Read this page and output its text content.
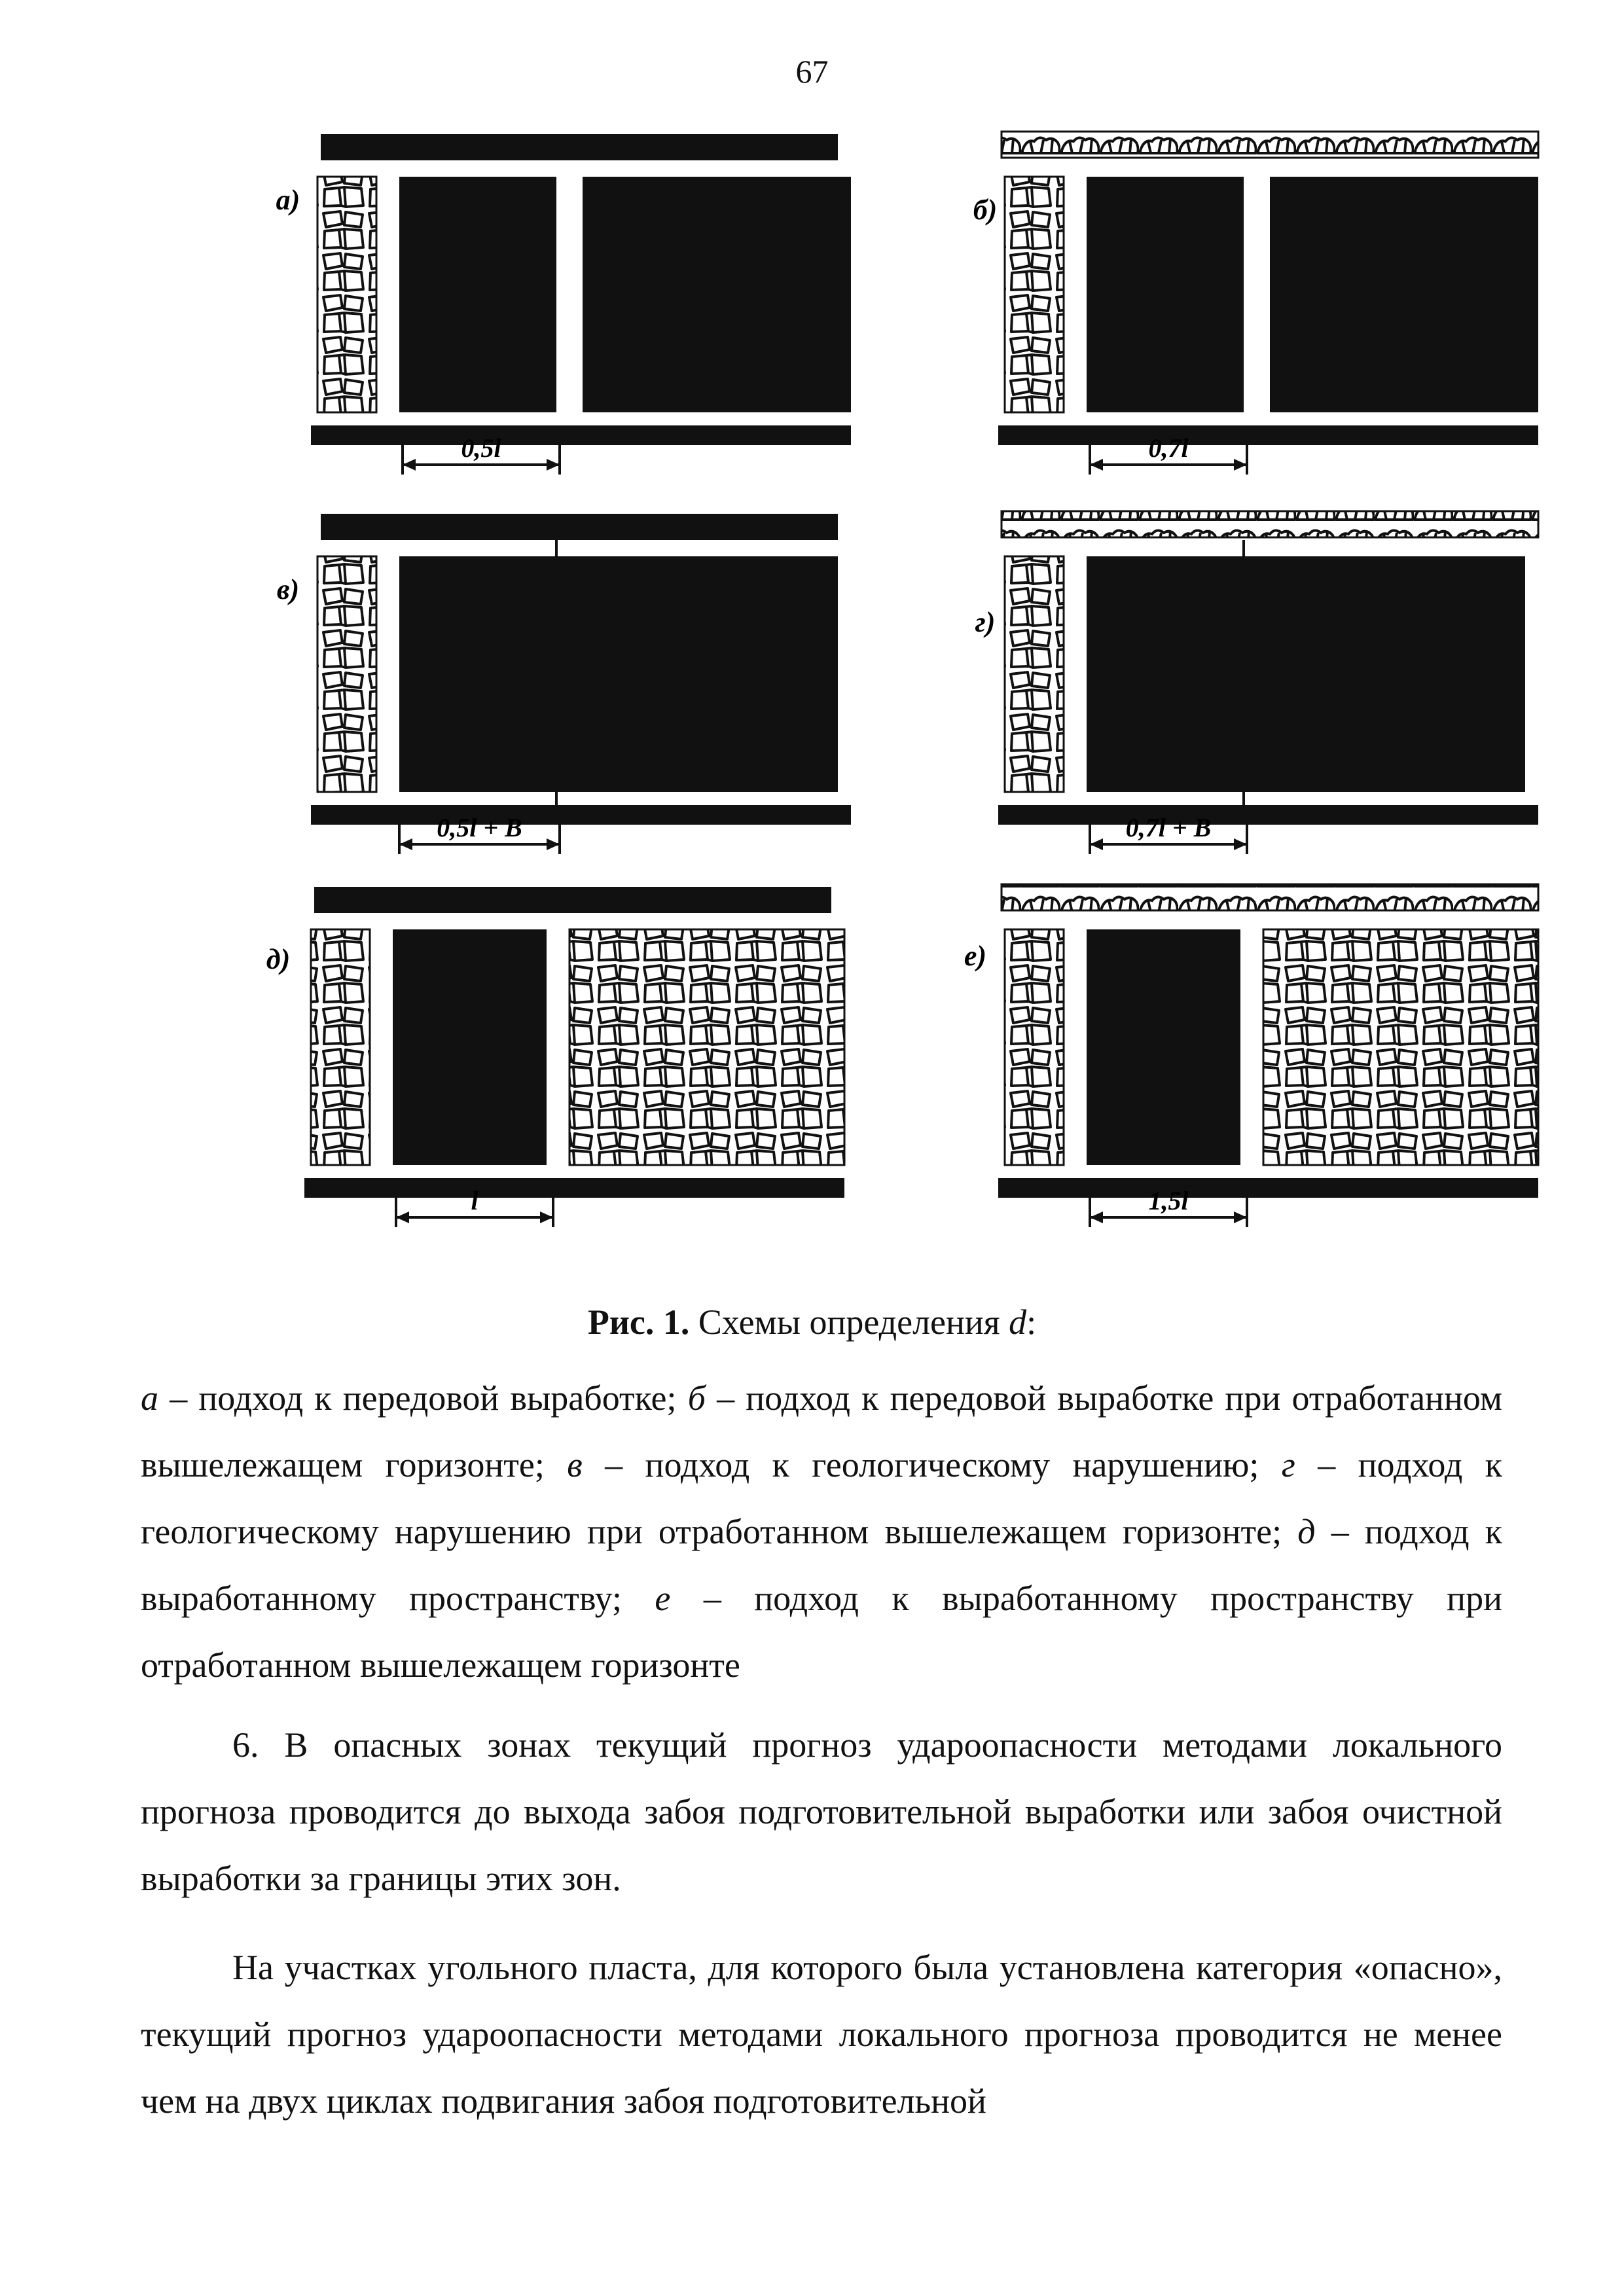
67
0,5l
а)
0,7l
б)
0,5l + B
в)
0,7l + B
г)
l
д)
1,5l
е)
Рис. 1. Схемы определения d:
а – подход к передовой выработке; б – подход к передовой выработке при отработанном вышележащем горизонте; в – подход к геологическому нарушению; г – подход к геологическому нарушению при отработанном вышележащем горизонте; д – подход к выработанному пространству; е – подход к выработанному пространству при отработанном вышележащем горизонте
6. В опасных зонах текущий прогноз удароопасности методами локального прогноза проводится до выхода забоя подготовительной выработки или забоя очистной выработки за границы этих зон.
На участках угольного пласта, для которого была установлена категория «опасно», текущий прогноз удароопасности методами локального прогноза проводится не менее чем на двух циклах подвигания забоя подготовительной
